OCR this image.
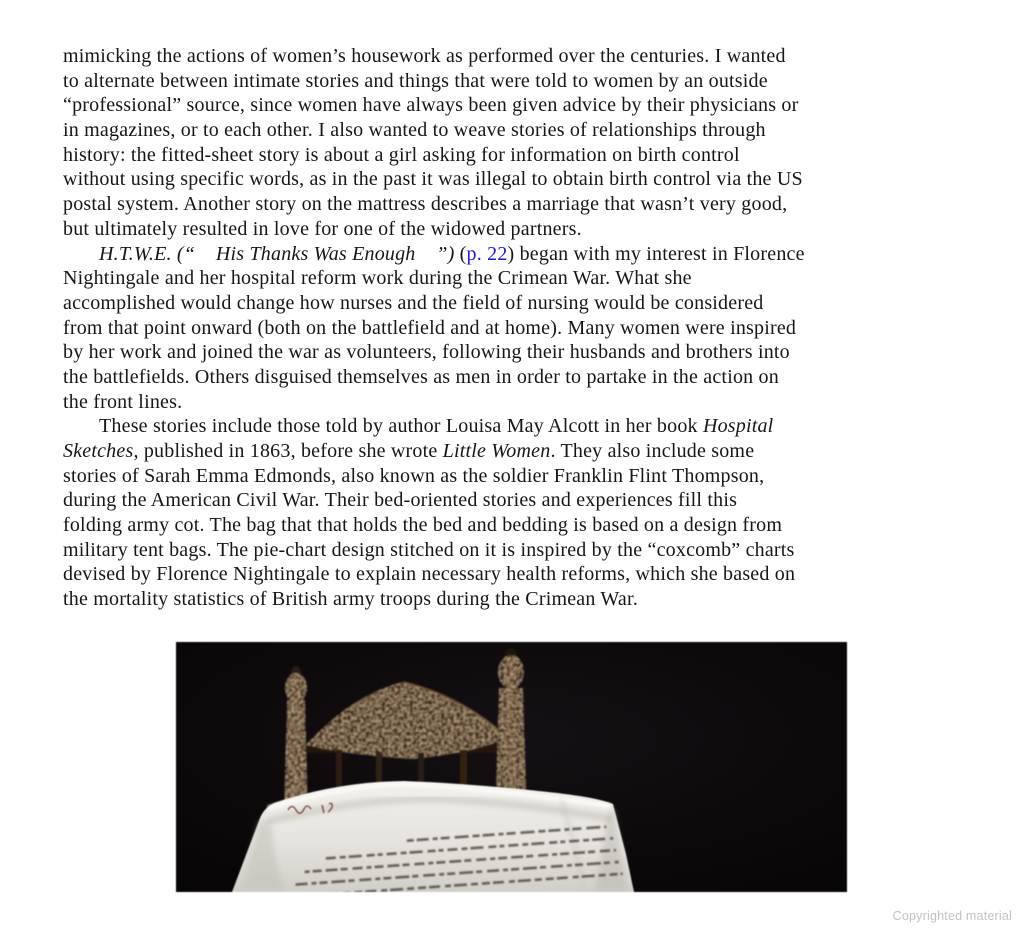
mimicking the actions of women’s housework as performed over the centuries. I wanted
to alternate between intimate stories and things that were told to women by an outside
“professional” source, since women have always been given advice by their physicians or
in magazines, or to each other. I also wanted to weave stories of relationships through
history: the fitted-sheet story is about a girl asking for information on birth control
without using specific words, as in the past it was illegal to obtain birth control via the US
postal system. Another story on the mattress describes a marriage that wasn’t very good,
but ultimately resulted in love for one of the widowed partners.
H.T.W.E. (“    His Thanks Was Enough    ”) (p. 22) began with my interest in Florence
Nightingale and her hospital reform work during the Crimean War. What she
accomplished would change how nurses and the field of nursing would be considered
from that point onward (both on the battlefield and at home). Many women were inspired
by her work and joined the war as volunteers, following their husbands and brothers into
the battlefields. Others disguised themselves as men in order to partake in the action on
the front lines.
These stories include those told by author Louisa May Alcott in her book Hospital
Sketches, published in 1863, before she wrote Little Women. They also include some
stories of Sarah Emma Edmonds, also known as the soldier Franklin Flint Thompson,
during the American Civil War. Their bed-oriented stories and experiences fill this
folding army cot. The bag that that holds the bed and bedding is based on a design from
military tent bags. The pie-chart design stitched on it is inspired by the “coxcomb” charts
devised by Florence Nightingale to explain necessary health reforms, which she based on
the mortality statistics of British army troops during the Crimean War.
Copyrighted material
